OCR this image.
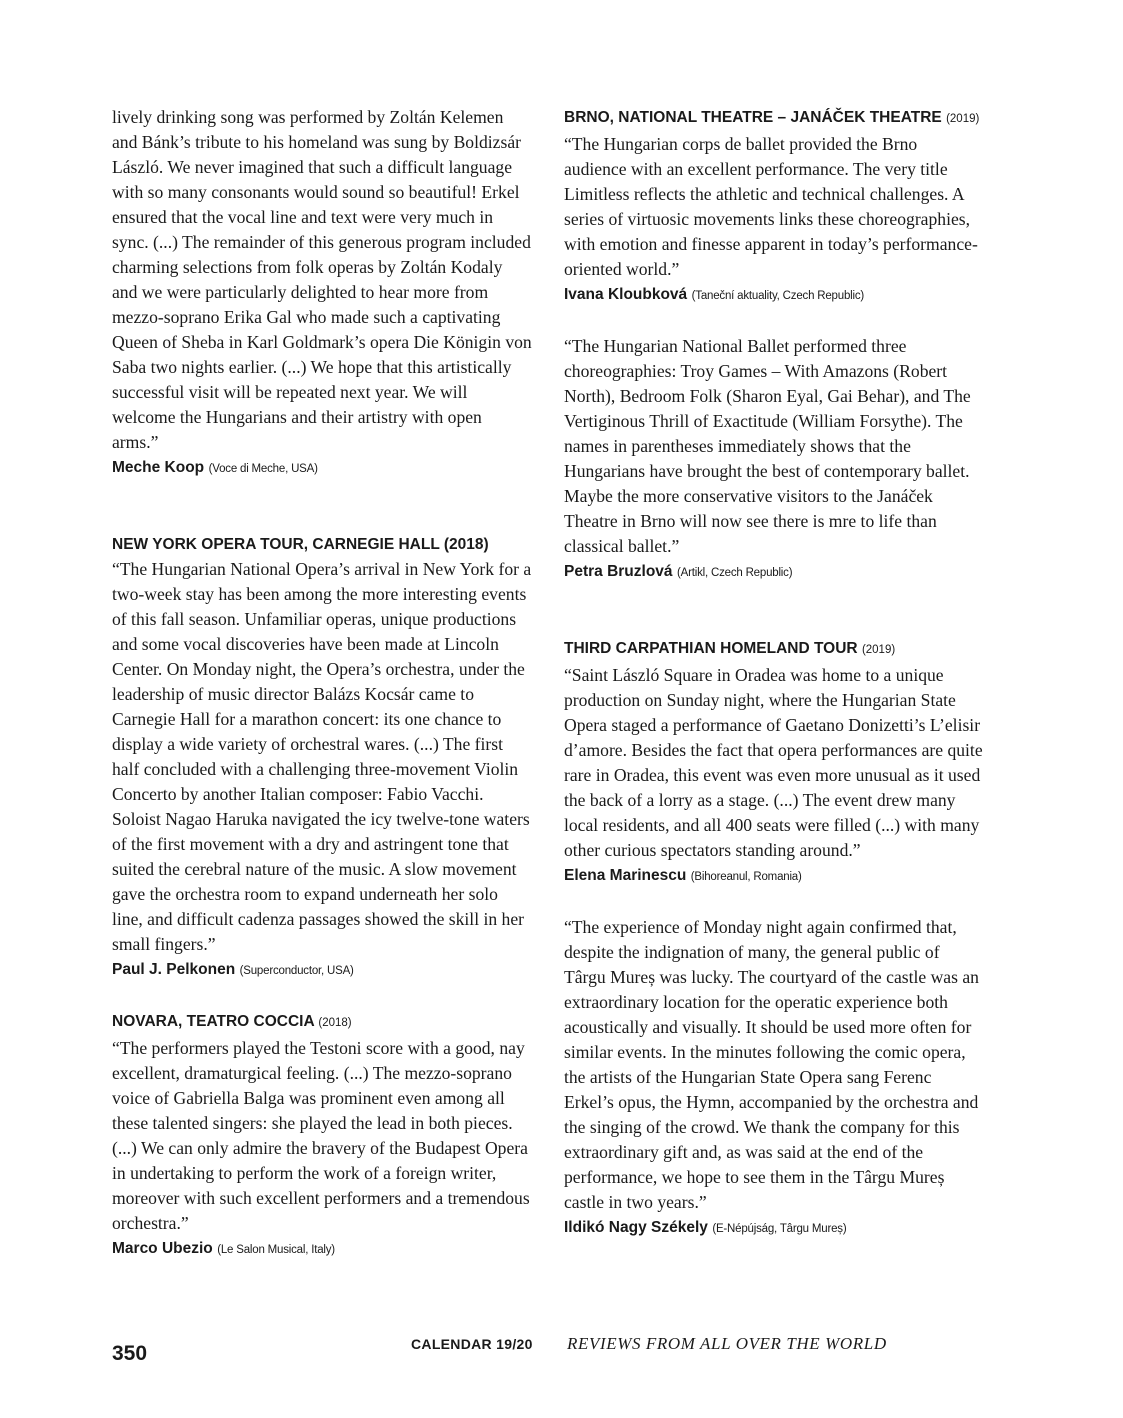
lively drinking song was performed by Zoltán Kelemen and Bánk’s tribute to his homeland was sung by Boldizsár László. We never imagined that such a difficult language with so many consonants would sound so beautiful! Erkel ensured that the vocal line and text were very much in sync. (...) The remainder of this generous program included charming selections from folk operas by Zoltán Kodaly and we were particularly delighted to hear more from mezzo-soprano Erika Gal who made such a captivating Queen of Sheba in Karl Goldmark’s opera Die Königin von Saba two nights earlier. (...) We hope that this artistically successful visit will be repeated next year. We will welcome the Hungarians and their artistry with open arms.”

Meche Koop (Voce di Meche, USA)

NEW YORK OPERA TOUR, CARNEGIE HALL (2018)

“The Hungarian National Opera’s arrival in New York for a two-week stay has been among the more interesting events of this fall season. Unfamiliar operas, unique productions and some vocal discoveries have been made at Lincoln Center. On Monday night, the Opera’s orchestra, under the leadership of music director Balázs Kocsár came to Carnegie Hall for a marathon concert: its one chance to display a wide variety of orchestral wares. (...) The first half concluded with a challenging three-movement Violin Concerto by another Italian composer: Fabio Vacchi. Soloist Nagao Haruka navigated the icy twelve-tone waters of the first movement with a dry and astringent tone that suited the cerebral nature of the music. A slow movement gave the orchestra room to expand underneath her solo line, and difficult cadenza passages showed the skill in her small fingers.”

Paul J. Pelkonen (Superconductor, USA)

NOVARA, TEATRO COCCIA (2018)

“The performers played the Testoni score with a good, nay excellent, dramaturgical feeling. (...) The mezzo-soprano voice of Gabriella Balga was prominent even among all these talented singers: she played the lead in both pieces. (...) We can only admire the bravery of the Budapest Opera in undertaking to perform the work of a foreign writer, moreover with such excellent performers and a tremendous orchestra.”

Marco Ubezio (Le Salon Musical, Italy)

BRNO, NATIONAL THEATRE – JANÁČEK THEATRE (2019)

“The Hungarian corps de ballet provided the Brno audience with an excellent performance. The very title Limitless reflects the athletic and technical challenges. A series of virtuosic movements links these choreographies, with emotion and finesse apparent in today’s performance-oriented world.”

Ivana Kloubková (Taneční aktuality, Czech Republic)

“The Hungarian National Ballet performed three choreographies: Troy Games – With Amazons (Robert North), Bedroom Folk (Sharon Eyal, Gai Behar), and The Vertiginous Thrill of Exactitude (William Forsythe). The names in parentheses immediately shows that the Hungarians have brought the best of contemporary ballet. Maybe the more conservative visitors to the Janáček Theatre in Brno will now see there is mre to life than classical ballet.”

Petra Bruzlová (Artikl, Czech Republic)

THIRD CARPATHIAN HOMELAND TOUR (2019)

“Saint László Square in Oradea was home to a unique production on Sunday night, where the Hungarian State Opera staged a performance of Gaetano Donizetti’s L’elisir d’amore. Besides the fact that opera performances are quite rare in Oradea, this event was even more unusual as it used the back of a lorry as a stage. (...) The event drew many local residents, and all 400 seats were filled (...) with many other curious spectators standing around.”

Elena Marinescu (Bihoreanul, Romania)

“The experience of Monday night again confirmed that, despite the indignation of many, the general public of Târgu Mureș was lucky. The courtyard of the castle was an extraordinary location for the operatic experience both acoustically and visually. It should be used more often for similar events. In the minutes following the comic opera, the artists of the Hungarian State Opera sang Ferenc Erkel’s opus, the Hymn, accompanied by the orchestra and the singing of the crowd. We thank the company for this extraordinary gift and, as was said at the end of the performance, we hope to see them in the Târgu Mureș castle in two years.”

Ildikó Nagy Székely (E-Népújság, Târgu Mureș)

350	CALENDAR 19/20 REVIEWS FROM ALL OVER THE WORLD
